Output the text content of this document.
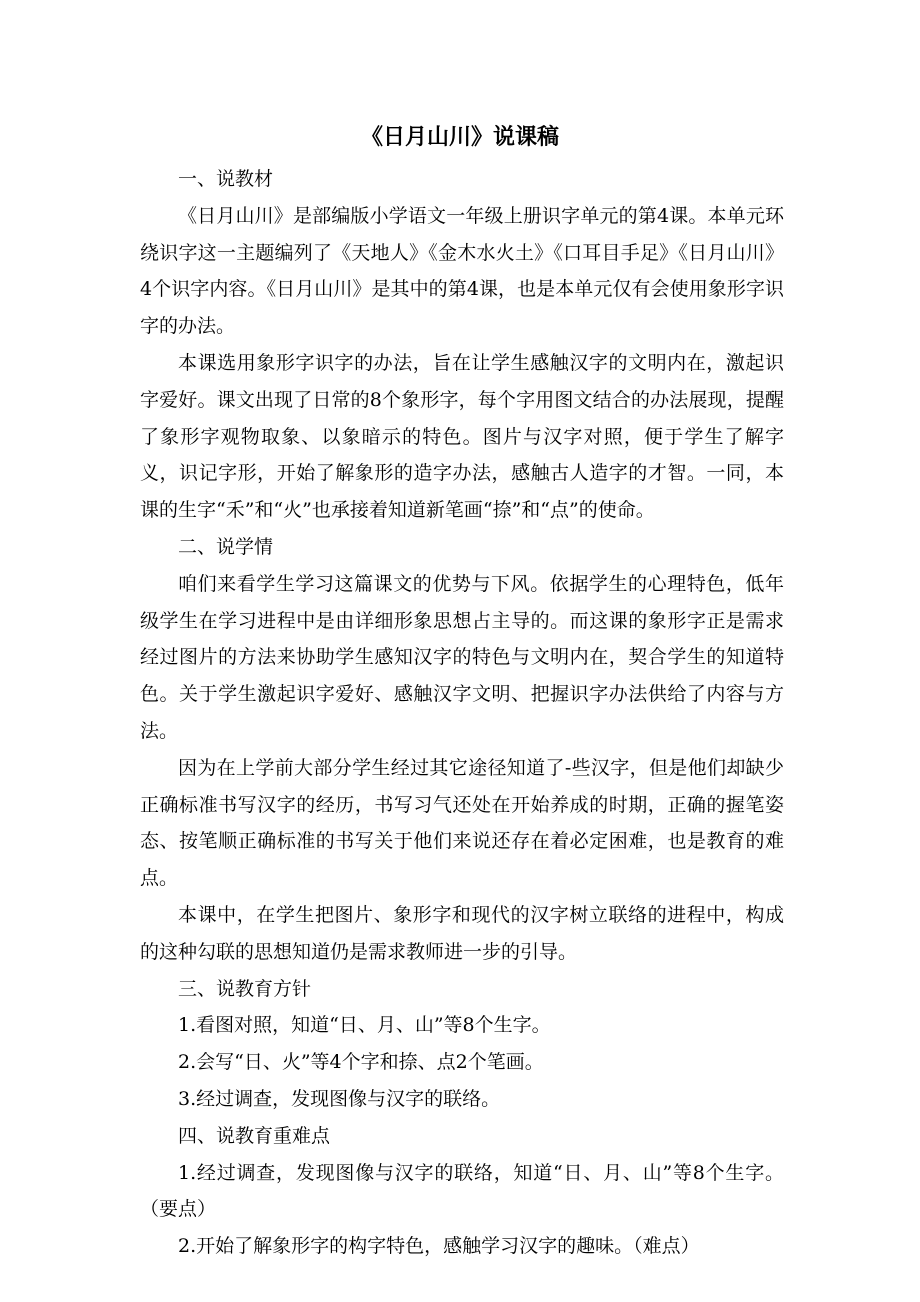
《日月山川》说课稿

一、说教材

《日月山川》是部编版小学语文一年级上册识字单元的第4课。本单元环绕识字这一主题编列了《天地人》《金木水火土》《口耳目手足》《日月山川》4个识字内容。《日月山川》是其中的第4课，也是本单元仅有会使用象形字识字的办法。

本课选用象形字识字的办法，旨在让学生感触汉字的文明内在，激起识字爱好。课文出现了日常的8个象形字，每个字用图文结合的办法展现，提醒了象形字观物取象、以象暗示的特色。图片与汉字对照，便于学生了解字义，识记字形，开始了解象形的造字办法，感触古人造字的才智。一同，本课的生字“禾”和“火”也承接着知道新笔画“捺”和“点”的使命。

二、说学情

咱们来看学生学习这篇课文的优势与下风。依据学生的心理特色，低年级学生在学习进程中是由详细形象思想占主导的。而这课的象形字正是需求经过图片的方法来协助学生感知汉字的特色与文明内在，契合学生的知道特色。关于学生激起识字爱好、感触汉字文明、把握识字办法供给了内容与方法。

因为在上学前大部分学生经过其它途径知道了-些汉字，但是他们却缺少正确标准书写汉字的经历，书写习气还处在开始养成的时期，正确的握笔姿态、按笔顺正确标准的书写关于他们来说还存在着必定困难，也是教育的难点。

本课中，在学生把图片、象形字和现代的汉字树立联络的进程中，构成的这种勾联的思想知道仍是需求教师进一步的引导。

三、说教育方针

1.看图对照，知道“日、月、山”等8个生字。

2.会写“日、火”等4个字和捺、点2个笔画。

3.经过调查，发现图像与汉字的联络。

四、说教育重难点

1.经过调查，发现图像与汉字的联络，知道“日、月、山”等8个生字。（要点）

2.开始了解象形字的构字特色，感触学习汉字的趣味。（难点）
